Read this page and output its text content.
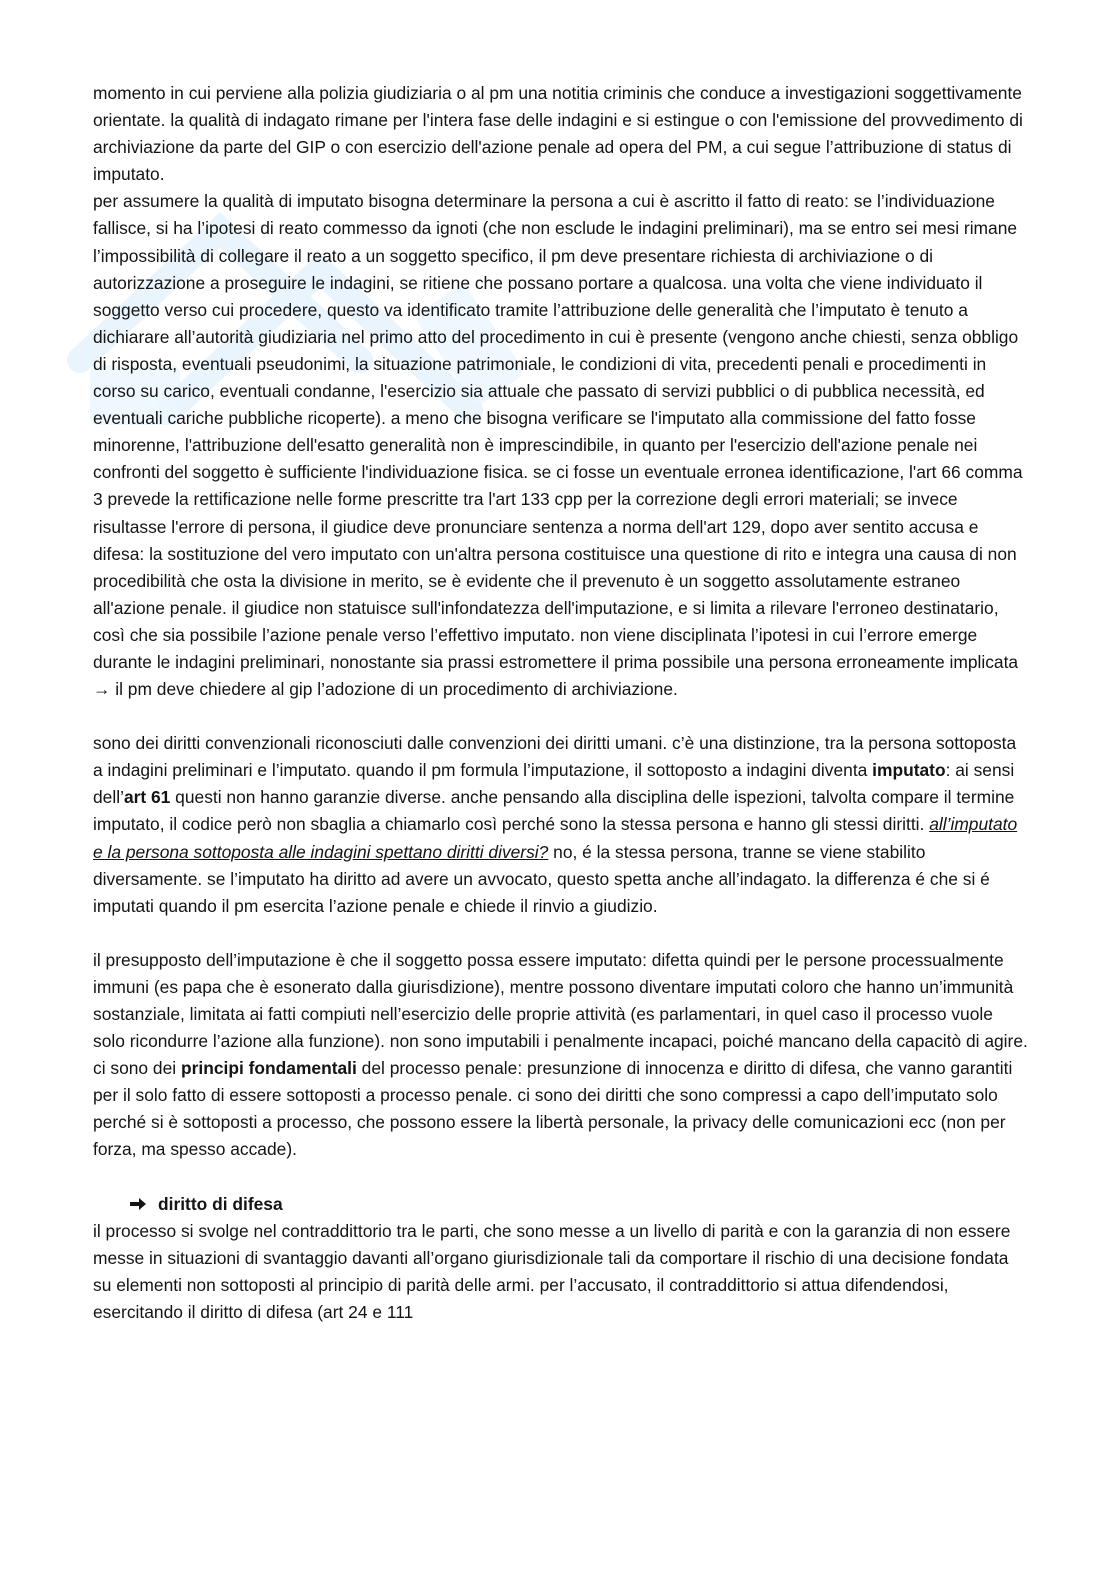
momento in cui perviene alla polizia giudiziaria o al pm una notitia criminis che conduce a investigazioni soggettivamente orientate. la qualità di indagato rimane per l'intera fase delle indagini e si estingue o con l'emissione del provvedimento di archiviazione da parte del GIP o con esercizio dell'azione penale ad opera del PM, a cui segue l’attribuzione di status di imputato.

per assumere la qualità di imputato bisogna determinare la persona a cui è ascritto il fatto di reato: se l’individuazione fallisce, si ha l’ipotesi di reato commesso da ignoti (che non esclude le indagini preliminari), ma se entro sei mesi rimane l’impossibilità di collegare il reato a un soggetto specifico, il pm deve presentare richiesta di archiviazione o di autorizzazione a proseguire le indagini, se ritiene che possano portare a qualcosa. una volta che viene individuato il soggetto verso cui procedere, questo va identificato tramite l’attribuzione delle generalità che l’imputato è tenuto a dichiarare all’autorità giudiziaria nel primo atto del procedimento in cui è presente (vengono anche chiesti, senza obbligo di risposta, eventuali pseudonimi, la situazione patrimoniale, le condizioni di vita, precedenti penali e procedimenti in corso su carico, eventuali condanne, l'esercizio sia attuale che passato di servizi pubblici o di pubblica necessità, ed eventuali cariche pubbliche ricoperte). a meno che bisogna verificare se l'imputato alla commissione del fatto fosse minorenne, l'attribuzione dell'esatto generalità non è imprescindibile, in quanto per l'esercizio dell'azione penale nei confronti del soggetto è sufficiente l'individuazione fisica. se ci fosse un eventuale erronea identificazione, l'art 66 comma 3 prevede la rettificazione nelle forme prescritte tra l'art 133 cpp per la correzione degli errori materiali; se invece risultasse l'errore di persona, il giudice deve pronunciare sentenza a norma dell'art 129, dopo aver sentito accusa e difesa: la sostituzione del vero imputato con un'altra persona costituisce una questione di rito e integra una causa di non procedibilità che osta la divisione in merito, se è evidente che il prevenuto è un soggetto assolutamente estraneo all'azione penale. il giudice non statuisce sull'infondatezza dell'imputazione, e si limita a rilevare l'erroneo destinatario, così che sia possibile l’azione penale verso l’effettivo imputato. non viene disciplinata l’ipotesi in cui l’errore emerge durante le indagini preliminari, nonostante sia prassi estromettere il prima possibile una persona erroneamente implicata → il pm deve chiedere al gip l’adozione di un procedimento di archiviazione.

sono dei diritti convenzionali riconosciuti dalle convenzioni dei diritti umani. c’è una distinzione, tra la persona sottoposta a indagini preliminari e l’imputato. quando il pm formula l’imputazione, il sottoposto a indagini diventa imputato: ai sensi dell’art 61 questi non hanno garanzie diverse. anche pensando alla disciplina delle ispezioni, talvolta compare il termine imputato, il codice però non sbaglia a chiamarlo così perché sono la stessa persona e hanno gli stessi diritti. all’imputato e la persona sottoposta alle indagini spettano diritti diversi? no, é la stessa persona, tranne se viene stabilito diversamente. se l’imputato ha diritto ad avere un avvocato, questo spetta anche all’indagato. la differenza é che si é imputati quando il pm esercita l’azione penale e chiede il rinvio a giudizio.

il presupposto dell’imputazione è che il soggetto possa essere imputato: difetta quindi per le persone processualmente immuni (es papa che è esonerato dalla giurisdizione), mentre possono diventare imputati coloro che hanno un’immunità sostanziale, limitata ai fatti compiuti nell’esercizio delle proprie attività (es parlamentari, in quel caso il processo vuole solo ricondurre l’azione alla funzione). non sono imputabili i penalmente incapaci, poiché mancano della capacitò di agire.

ci sono dei principi fondamentali del processo penale: presunzione di innocenza e diritto di difesa, che vanno garantiti per il solo fatto di essere sottoposti a processo penale. ci sono dei diritti che sono compressi a capo dell’imputato solo perché si è sottoposti a processo, che possono essere la libertà personale, la privacy delle comunicazioni ecc (non per forza, ma spesso accade).

diritto di difesa

il processo si svolge nel contraddittorio tra le parti, che sono messe a un livello di parità e con la garanzia di non essere messe in situazioni di svantaggio davanti all’organo giurisdizionale tali da comportare il rischio di una decisione fondata su elementi non sottoposti al principio di parità delle armi. per l’accusato, il contraddittorio si attua difendendosi, esercitando il diritto di difesa (art 24 e 111
